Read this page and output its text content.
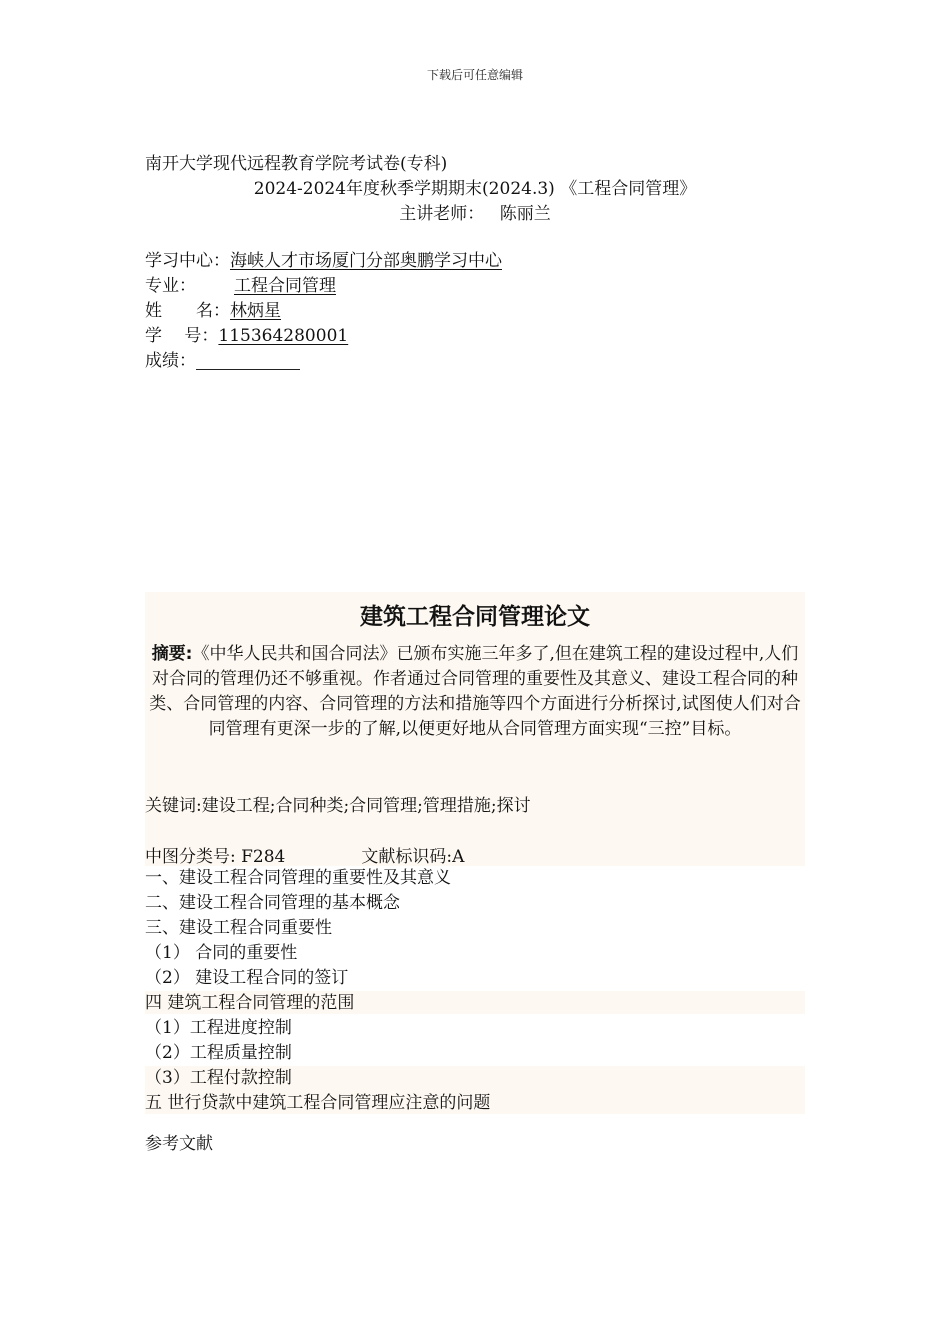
下载后可任意编辑
南开大学现代远程教育学院考试卷(专科)
2024-2024年度秋季学期期末(2024.3) 《工程合同管理》
主讲老师： 陈丽兰
学习中心：海峡人才市场厦门分部奥鹏学习中心
专业： 工程合同管理
姓　　名：林炳星
学　 号：115364280001
成绩：
建筑工程合同管理论文
摘要:《中华人民共和国合同法》已颁布实施三年多了,但在建筑工程的建设过程中,人们对合同的管理仍还不够重视。作者通过合同管理的重要性及其意义、建设工程合同的种类、合同管理的内容、合同管理的方法和措施等四个方面进行分析探讨,试图使人们对合同管理有更深一步的了解,以便更好地从合同管理方面实现“三控”目标。
关键词:建设工程;合同种类;合同管理;管理措施;探讨
中图分类号: F284	文献标识码:A
一、建设工程合同管理的重要性及其意义
二、建设工程合同管理的基本概念
三、建设工程合同重要性
（1） 合同的重要性
（2） 建设工程合同的签订
四 建筑工程合同管理的范围
（1）工程进度控制
（2）工程质量控制
（3）工程付款控制
五 世行贷款中建筑工程合同管理应注意的问题
参考文献
